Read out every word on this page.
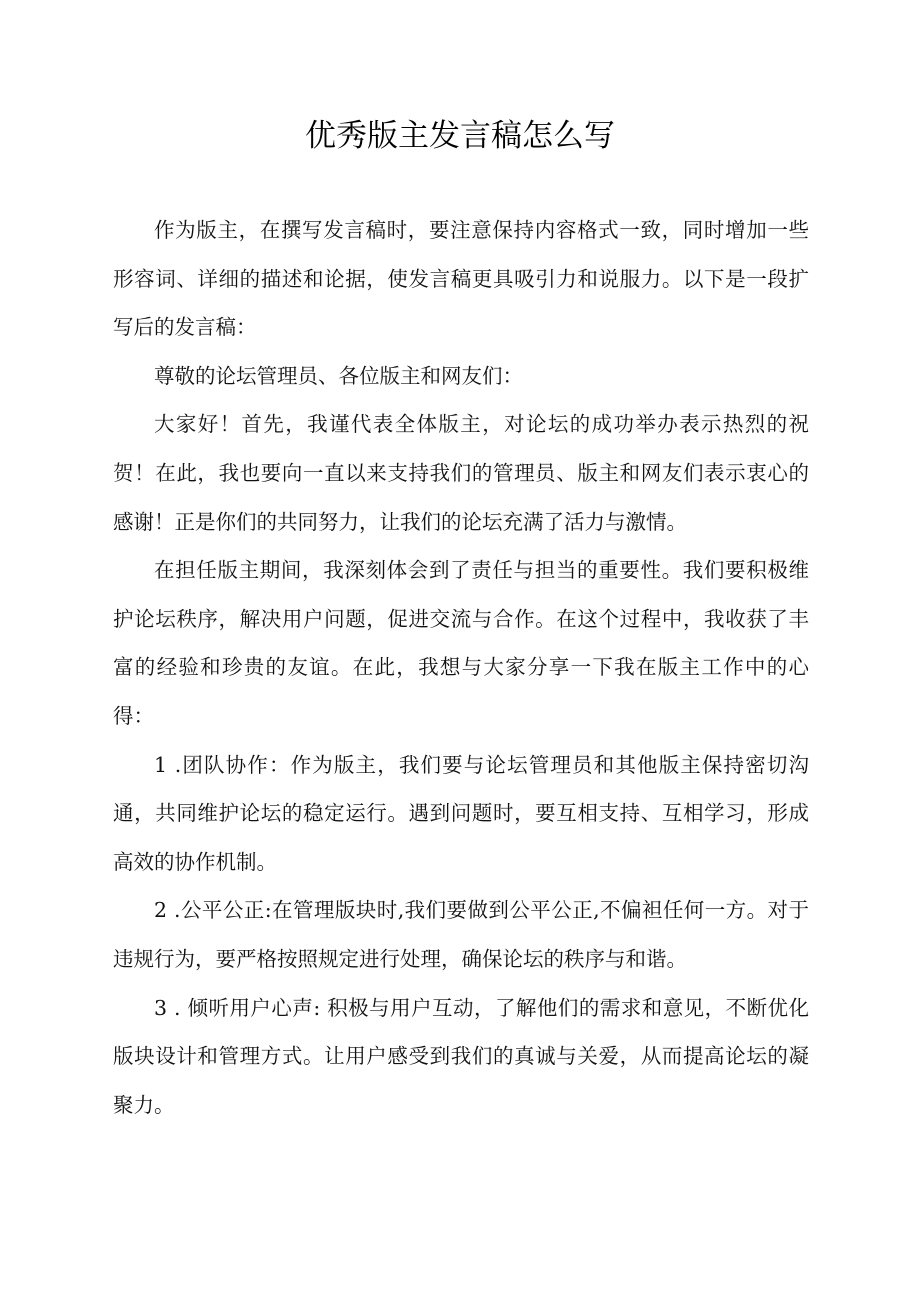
优秀版主发言稿怎么写

作为版主，在撰写发言稿时，要注意保持内容格式一致，同时增加一些形容词、详细的描述和论据，使发言稿更具吸引力和说服力。以下是一段扩写后的发言稿：

尊敬的论坛管理员、各位版主和网友们：

大家好！首先，我谨代表全体版主，对论坛的成功举办表示热烈的祝贺！在此，我也要向一直以来支持我们的管理员、版主和网友们表示衷心的感谢！正是你们的共同努力，让我们的论坛充满了活力与激情。

在担任版主期间，我深刻体会到了责任与担当的重要性。我们要积极维护论坛秩序，解决用户问题，促进交流与合作。在这个过程中，我收获了丰富的经验和珍贵的友谊。在此，我想与大家分享一下我在版主工作中的心得：

1 .团队协作：作为版主，我们要与论坛管理员和其他版主保持密切沟通，共同维护论坛的稳定运行。遇到问题时，要互相支持、互相学习，形成高效的协作机制。

2 .公平公正:在管理版块时,我们要做到公平公正,不偏袒任何一方。对于违规行为，要严格按照规定进行处理，确保论坛的秩序与和谐。

3 . 倾听用户心声: 积极与用户互动，了解他们的需求和意见，不断优化版块设计和管理方式。让用户感受到我们的真诚与关爱，从而提高论坛的凝聚力。
